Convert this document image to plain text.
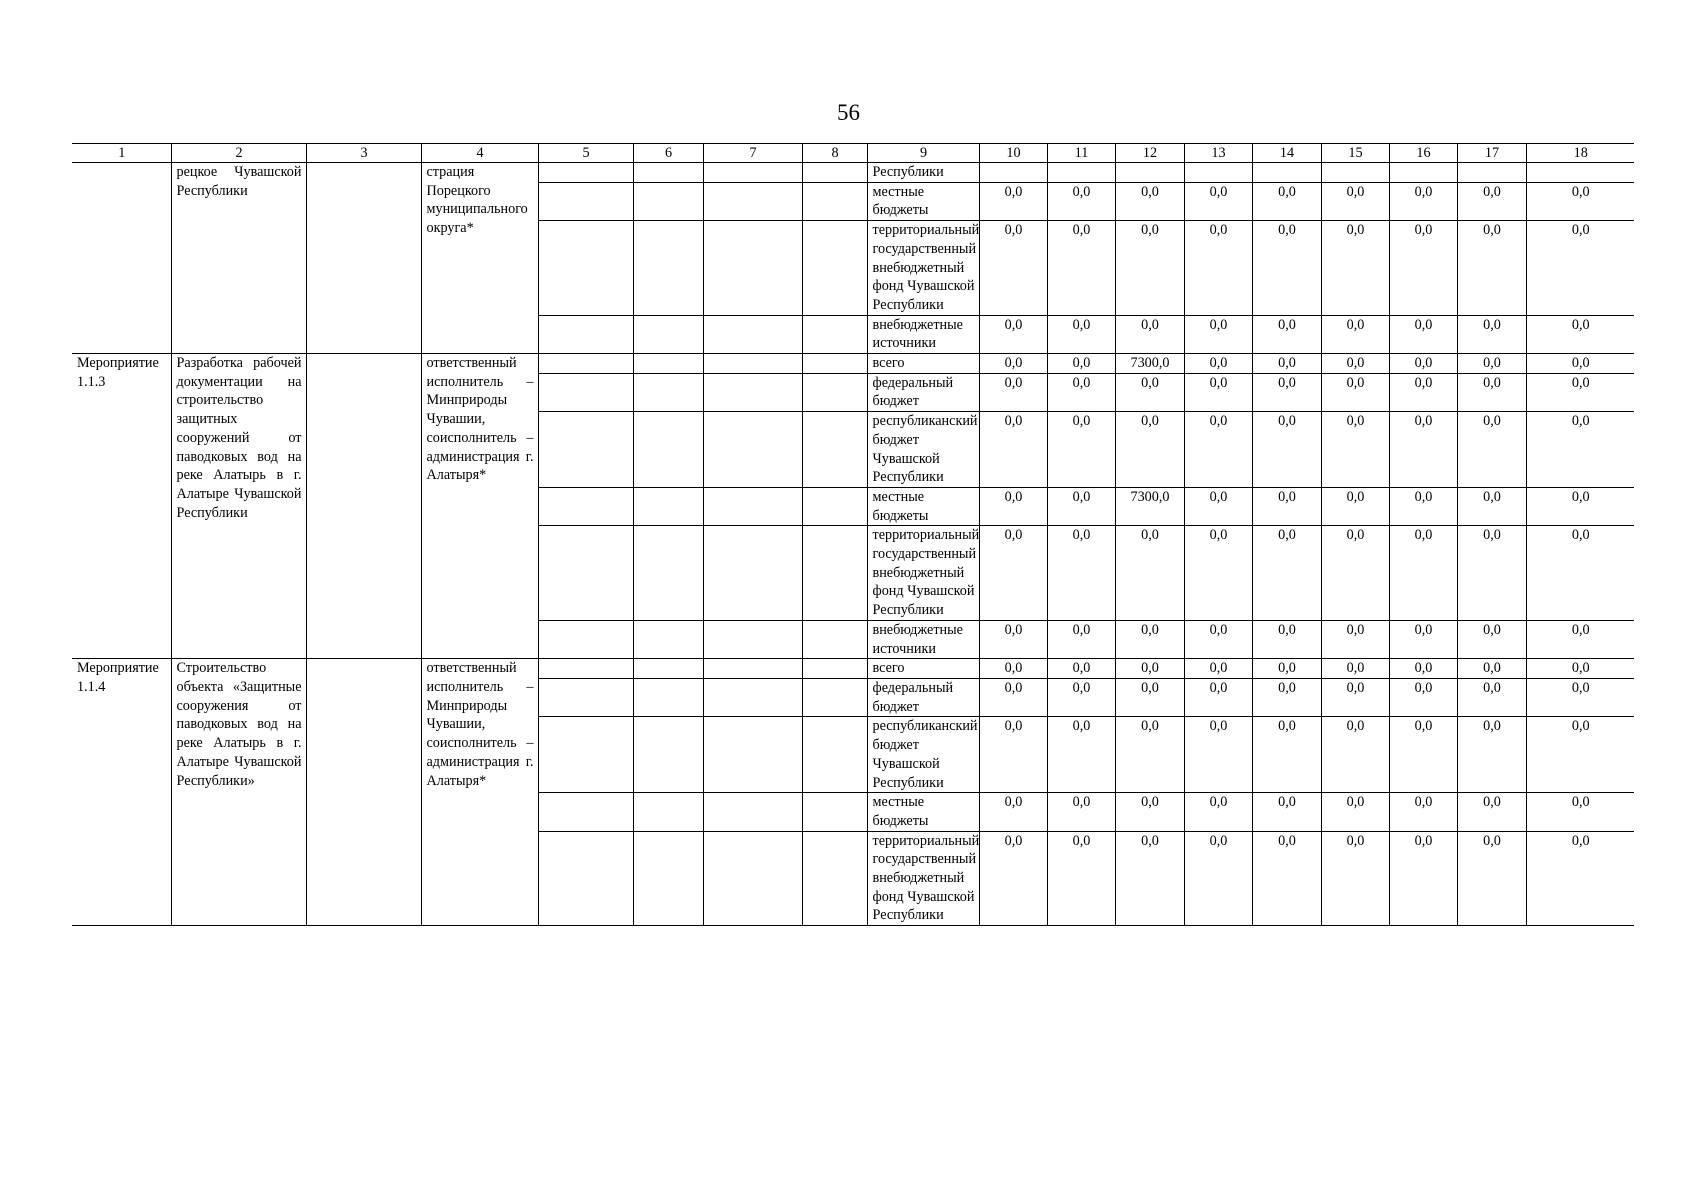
56
1	2	3	4	5	6	7	8	9	10	11	12	13	14	15	16	17	18
	рецкое Чувашской Республики		страция Порецкого муниципального округа*					Республики									
								местные бюджеты	0,0	0,0	0,0	0,0	0,0	0,0	0,0	0,0	0,0
								территориальный государственный внебюджетный фонд Чувашской Республики	0,0	0,0	0,0	0,0	0,0	0,0	0,0	0,0	0,0
								внебюджетные источники	0,0	0,0	0,0	0,0	0,0	0,0	0,0	0,0	0,0
Мероприятие 1.1.3	Разработка рабочей документации на строительство защитных сооружений от паводковых вод на реке Алатырь в г. Алатыре Чувашской Республики		ответственный исполнитель – Минприроды Чувашии, соисполнитель – администрация г. Алатыря*					всего	0,0	0,0	7300,0	0,0	0,0	0,0	0,0	0,0	0,0
								федеральный бюджет	0,0	0,0	0,0	0,0	0,0	0,0	0,0	0,0	0,0
								республиканский бюджет Чувашской Республики	0,0	0,0	0,0	0,0	0,0	0,0	0,0	0,0	0,0
								местные бюджеты	0,0	0,0	7300,0	0,0	0,0	0,0	0,0	0,0	0,0
								территориальный государственный внебюджетный фонд Чувашской Республики	0,0	0,0	0,0	0,0	0,0	0,0	0,0	0,0	0,0
								внебюджетные источники	0,0	0,0	0,0	0,0	0,0	0,0	0,0	0,0	0,0
Мероприятие 1.1.4	Строительство объекта «Защитные сооружения от паводковых вод на реке Алатырь в г. Алатыре Чувашской Республики»		ответственный исполнитель – Минприроды Чувашии, соисполнитель – администрация г. Алатыря*					всего	0,0	0,0	0,0	0,0	0,0	0,0	0,0	0,0	0,0
								федеральный бюджет	0,0	0,0	0,0	0,0	0,0	0,0	0,0	0,0	0,0
								республиканский бюджет Чувашской Республики	0,0	0,0	0,0	0,0	0,0	0,0	0,0	0,0	0,0
								местные бюджеты	0,0	0,0	0,0	0,0	0,0	0,0	0,0	0,0	0,0
								территориальный государственный внебюджетный фонд Чувашской Республики	0,0	0,0	0,0	0,0	0,0	0,0	0,0	0,0	0,0
